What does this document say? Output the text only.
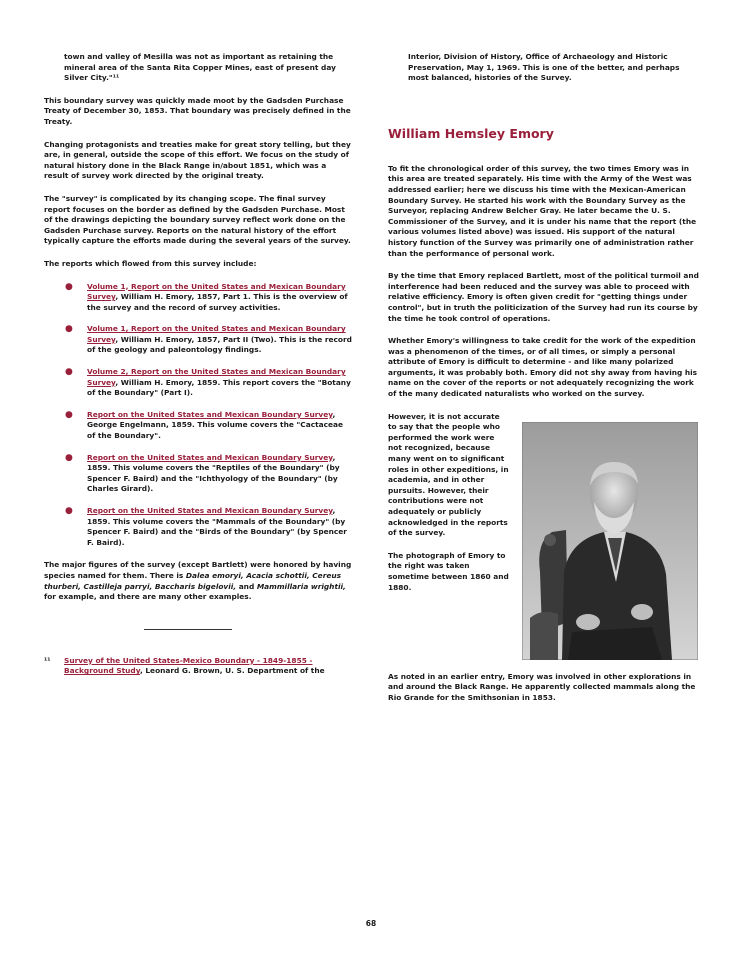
town and valley of Mesilla was not as important as retaining the mineral area of the Santa Rita Copper Mines, east of present day Silver City."¹¹

This boundary survey was quickly made moot by the Gadsden Purchase Treaty of December 30, 1853. That boundary was precisely defined in the Treaty.

Changing protagonists and treaties make for great story telling, but they are, in general, outside the scope of this effort. We focus on the study of natural history done in the Black Range in/about 1851, which was a result of survey work directed by the original treaty.

The "survey" is complicated by its changing scope. The final survey report focuses on the border as defined by the Gadsden Purchase. Most of the drawings depicting the boundary survey reflect work done on the Gadsden Purchase survey. Reports on the natural history of the effort typically capture the efforts made during the several years of the survey.

The reports which flowed from this survey include:

● Volume 1, Report on the United States and Mexican Boundary Survey, William H. Emory, 1857, Part 1. This is the overview of the survey and the record of survey activities.
● Volume 1, Report on the United States and Mexican Boundary Survey, William H. Emory, 1857, Part II (Two). This is the record of the geology and paleontology findings.
● Volume 2, Report on the United States and Mexican Boundary Survey, William H. Emory, 1859. This report covers the "Botany of the Boundary" (Part I).
● Report on the United States and Mexican Boundary Survey, George Engelmann, 1859. This volume covers the "Cactaceae of the Boundary".
● Report on the United States and Mexican Boundary Survey, 1859. This volume covers the "Reptiles of the Boundary" (by Spencer F. Baird) and the "Ichthyology of the Boundary" (by Charles Girard).
● Report on the United States and Mexican Boundary Survey, 1859. This volume covers the "Mammals of the Boundary" (by Spencer F. Baird) and the "Birds of the Boundary" (by Spencer F. Baird).

The major figures of the survey (except Bartlett) were honored by having species named for them. There is Dalea emoryi, Acacia schottii, Cereus thurberi, Castilleja parryi, Baccharis bigelovii, and Mammillaria wrightii, for example, and there are many other examples.

¹¹ Survey of the United States-Mexico Boundary - 1849-1855 - Background Study, Leonard G. Brown, U. S. Department of the

Interior, Division of History, Office of Archaeology and Historic Preservation, May 1, 1969. This is one of the better, and perhaps most balanced, histories of the Survey.

William Hemsley Emory

To fit the chronological order of this survey, the two times Emory was in this area are treated separately. His time with the Army of the West was addressed earlier; here we discuss his time with the Mexican-American Boundary Survey. He started his work with the Boundary Survey as the Surveyor, replacing Andrew Belcher Gray. He later became the U. S. Commissioner of the Survey, and it is under his name that the report (the various volumes listed above) was issued. His support of the natural history function of the Survey was primarily one of administration rather than the performance of personal work.

By the time that Emory replaced Bartlett, most of the political turmoil and interference had been reduced and the survey was able to proceed with relative efficiency. Emory is often given credit for "getting things under control", but in truth the politicization of the Survey had run its course by the time he took control of operations.

Whether Emory's willingness to take credit for the work of the expedition was a phenomenon of the times, or of all times, or simply a personal attribute of Emory is difficult to determine - and like many polarized arguments, it was probably both. Emory did not shy away from having his name on the cover of the reports or not adequately recognizing the work of the many dedicated naturalists who worked on the survey.

However, it is not accurate to say that the people who performed the work were not recognized, because many went on to significant roles in other expeditions, in academia, and in other pursuits. However, their contributions were not adequately or publicly acknowledged in the reports of the survey.

The photograph of Emory to the right was taken sometime between 1860 and 1880.

As noted in an earlier entry, Emory was involved in other explorations in and around the Black Range. He apparently collected mammals along the Rio Grande for the Smithsonian in 1853.

68
